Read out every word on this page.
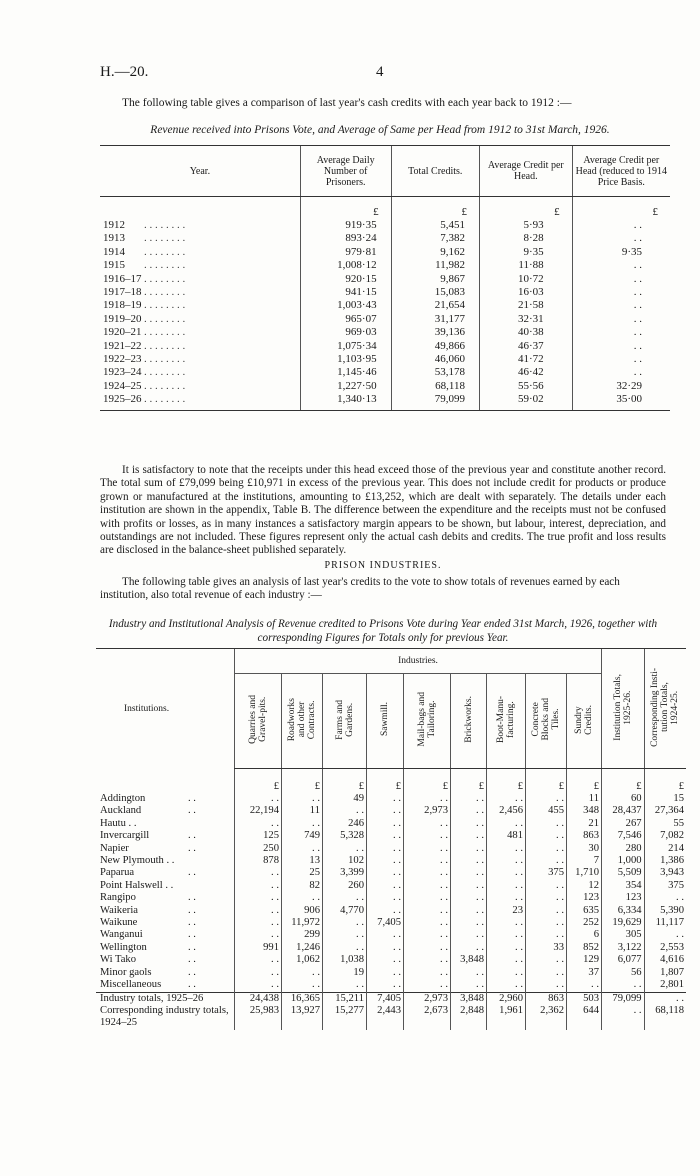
H.—20.	4
The following table gives a comparison of last year's cash credits with each year back to 1912 :—
Revenue received into Prisons Vote, and Average of Same per Head from 1912 to 31st March, 1926.
Year.	Average Daily Number of Prisoners.	Total Credits.	Average Credit per Head.	Average Credit per Head (reduced to 1914 Price Basis.
	£	£	£	£
1912 . . . . . . . .	919·35	5,451	5·93	. .
1913 . . . . . . . .	893·24	7,382	8·28	. .
1914 . . . . . . . .	979·81	9,162	9·35	9·35
1915 . . . . . . . .	1,008·12	11,982	11·88	. .
1916–17 . . . . . . . .	920·15	9,867	10·72	. .
1917–18 . . . . . . . .	941·15	15,083	16·03	. .
1918–19 . . . . . . . .	1,003·43	21,654	21·58	. .
1919–20 . . . . . . . .	965·07	31,177	32·31	. .
1920–21 . . . . . . . .	969·03	39,136	40·38	. .
1921–22 . . . . . . . .	1,075·34	49,866	46·37	. .
1922–23 . . . . . . . .	1,103·95	46,060	41·72	. .
1923–24 . . . . . . . .	1,145·46	53,178	46·42	. .
1924–25 . . . . . . . .	1,227·50	68,118	55·56	32·29
1925–26 . . . . . . . .	1,340·13	79,099	59·02	35·00

It is satisfactory to note that the receipts under this head exceed those of the previous year and constitute another record. The total sum of £79,099 being £10,971 in excess of the previous year. This does not include credit for products or produce grown or manufactured at the institutions, amounting to £13,252, which are dealt with separately. The details under each institution are shown in the appendix, Table B. The difference between the expenditure and the receipts must not be confused with profits or losses, as in many instances a satisfactory margin appears to be shown, but labour, interest, depreciation, and outstandings are not included. These figures represent only the actual cash debits and credits. The true profit and loss results are disclosed in the balance-sheet published separately.

PRISON INDUSTRIES.
The following table gives an analysis of last year's credits to the vote to show totals of revenues earned by each institution, also total revenue of each industry :—
Industry and Institutional Analysis of Revenue credited to Prisons Vote during Year ended 31st March, 1926, together with corresponding Figures for Totals only for previous Year.
Institutions.	Industries.									Institution Totals,
1925-26.	Corresponding Insti-
tution Totals,
1924-25.
	Quarries and
Gravel-pits.	Roadworks
and other
Contracts.	Farms and
Gardens.	Sawmill.	Mail-bags and
Tailoring.	Brickworks.	Boot-Manu-
facturing.	Concrete
Blocks and
Tiles.	Sundry
Credits.		
	£	£	£	£	£	£	£	£	£	£	£
Addington . .	. .	. .	49	. .	. .	. .	. .	. .	11	60	15
Auckland . .	22,194	11	. .	. .	2,973	. .	2,456	455	348	28,437	27,364
Hautu . .	. .	. .	246	. .	. .	. .	. .	. .	21	267	55
Invercargill . .	125	749	5,328	. .	. .	. .	481	. .	863	7,546	7,082
Napier . .	250	. .	. .	. .	. .	. .	. .	. .	30	280	214
New Plymouth . .	878	13	102	. .	. .	. .	. .	. .	7	1,000	1,386
Paparua . .	. .	25	3,399	. .	. .	. .	. .	375	1,710	5,509	3,943
Point Halswell . .	. .	82	260	. .	. .	. .	. .	. .	12	354	375
Rangipo . .	. .	. .	. .	. .	. .	. .	. .	. .	123	123	. .
Waikeria . .	. .	906	4,770	. .	. .	. .	23	. .	635	6,334	5,390
Waikune . .	. .	11,972	. .	7,405	. .	. .	. .	. .	252	19,629	11,117
Wanganui . .	. .	299	. .	. .	. .	. .	. .	. .	6	305	. .
Wellington . .	991	1,246	. .	. .	. .	. .	. .	33	852	3,122	2,553
Wi Tako . .	. .	1,062	1,038	. .	. .	3,848	. .	. .	129	6,077	4,616
Minor gaols . .	. .	. .	19	. .	. .	. .	. .	. .	37	56	1,807
Miscellaneous . .	. .	. .	. .	. .	. .	. .	. .	. .	. .	. .	2,801
Industry totals, 1925–26	24,438	16,365	15,211	7,405	2,973	3,848	2,960	863	503	79,099	. .
Corresponding industry totals, 1924–25	25,983	13,927	15,277	2,443	2,673	2,848	1,961	2,362	644	. .	68,118
